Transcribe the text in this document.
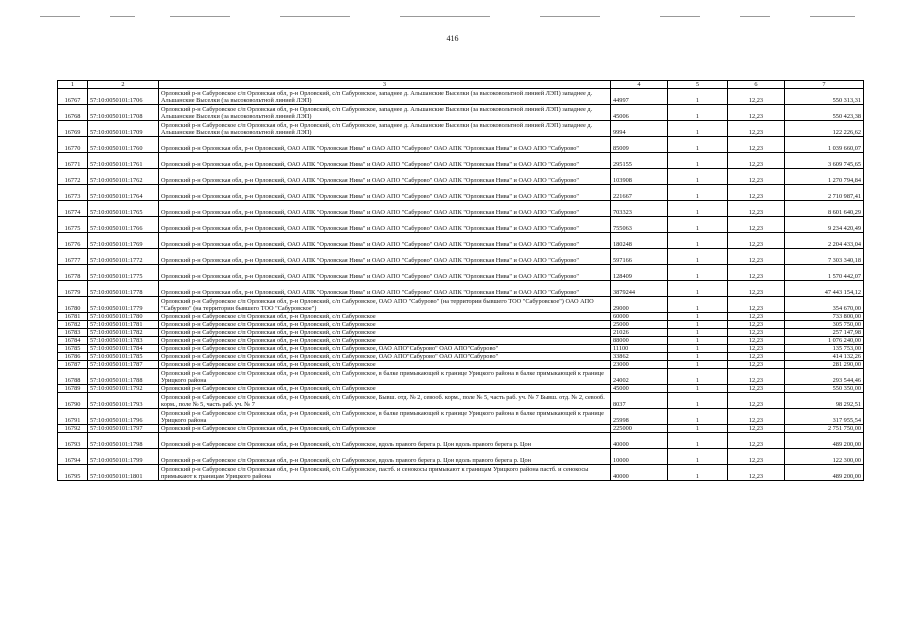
416
1	2	3	4	5	6	7
16767	57:10:0050101:1706	Орловский р-н Сабуровское с/п Орловская обл, р-н Орловский, с/п Сабуровское, западнее д. Альшанские Выселки (за высоковольтной линией ЛЭП) западнее д. Альшанские Выселки (за высоковольтной линией ЛЭП)	44997	1	12,23	550 313,31
16768	57:10:0050101:1708	Орловский р-н Сабуровское с/п Орловская обл, р-н Орловский, с/п Сабуровское, западнее д. Альшанские Выселки (за высоковольтной линией ЛЭП) западнее д. Альшанские Выселки (за высоковольтной линией ЛЭП)	45006	1	12,23	550 423,38
16769	57:10:0050101:1709	Орловский р-н Сабуровское с/п Орловская обл, р-н Орловский, с/п Сабуровское, западнее д. Альшанские Выселки (за высоковольтной линией ЛЭП) западнее д. Альшанские Выселки (за высоковольтной линией ЛЭП)	9994	1	12,23	122 226,62
16770	57:10:0050101:1760	Орловский р-н Орловская обл, р-н Орловский, ОАО АПК "Орловская Нива" и ОАО АПО "Сабурово" ОАО АПК "Орловская Нива" и ОАО АПО "Сабурово"	85009	1	12,23	1 039 660,07
16771	57:10:0050101:1761	Орловский р-н Орловская обл, р-н Орловский, ОАО АПК "Орловская Нива" и ОАО АПО "Сабурово" ОАО АПК "Орловская Нива" и ОАО АПО "Сабурово"	295155	1	12,23	3 609 745,65
16772	57:10:0050101:1762	Орловский р-н Орловская обл, р-н Орловский, ОАО АПК "Орловская Нива" и ОАО АПО "Сабурово" ОАО АПК "Орловская Нива" и ОАО АПО "Сабурово"	103908	1	12,23	1 270 794,84
16773	57:10:0050101:1764	Орловский р-н Орловская обл, р-н Орловский, ОАО АПК "Орловская Нива" и ОАО АПО "Сабурово" ОАО АПК "Орловская Нива" и ОАО АПО "Сабурово"	221667	1	12,23	2 710 987,41
16774	57:10:0050101:1765	Орловский р-н Орловская обл, р-н Орловский, ОАО АПК "Орловская Нива" и ОАО АПО "Сабурово" ОАО АПК "Орловская Нива" и ОАО АПО "Сабурово"	703323	1	12,23	8 601 640,29
16775	57:10:0050101:1766	Орловский р-н Орловская обл, р-н Орловский, ОАО АПК "Орловская Нива" и ОАО АПО "Сабурово" ОАО АПК "Орловская Нива" и ОАО АПО "Сабурово"	755063	1	12,23	9 234 420,49
16776	57:10:0050101:1769	Орловский р-н Орловская обл, р-н Орловский, ОАО АПК "Орловская Нива" и ОАО АПО "Сабурово" ОАО АПК "Орловская Нива" и ОАО АПО "Сабурово"	180248	1	12,23	2 204 433,04
16777	57:10:0050101:1772	Орловский р-н Орловская обл, р-н Орловский, ОАО АПК "Орловская Нива" и ОАО АПО "Сабурово" ОАО АПК "Орловская Нива" и ОАО АПО "Сабурово"	597166	1	12,23	7 303 340,18
16778	57:10:0050101:1775	Орловский р-н Орловская обл, р-н Орловский, ОАО АПК "Орловская Нива" и ОАО АПО "Сабурово" ОАО АПК "Орловская Нива" и ОАО АПО "Сабурово"	128409	1	12,23	1 570 442,07
16779	57:10:0050101:1778	Орловский р-н Орловская обл, р-н Орловский, ОАО АПК "Орловская Нива" и ОАО АПО "Сабурово" ОАО АПК "Орловская Нива" и ОАО АПО "Сабурово"	3879244	1	12,23	47 443 154,12
16780	57:10:0050101:1779	Орловский р-н Сабуровское с/п Орловская обл, р-н Орловский, с/п Сабуровское, ОАО АПО "Сабурово" (на территории бывшего ТОО "Сабуровское") ОАО АПО "Сабурово" (на территории бывшего ТОО "Сабуровское")	29000	1	12,23	354 670,00
16781	57:10:0050101:1780	Орловский р-н Сабуровское с/п Орловская обл, р-н Орловский, с/п Сабуровское	60000	1	12,23	733 800,00
16782	57:10:0050101:1781	Орловский р-н Сабуровское с/п Орловская обл, р-н Орловский, с/п Сабуровское	25000	1	12,23	305 750,00
16783	57:10:0050101:1782	Орловский р-н Сабуровское с/п Орловская обл, р-н Орловский, с/п Сабуровское	21026	1	12,23	257 147,98
16784	57:10:0050101:1783	Орловский р-н Сабуровское с/п Орловская обл, р-н Орловский, с/п Сабуровское	88000	1	12,23	1 076 240,00
16785	57:10:0050101:1784	Орловский р-н Сабуровское с/п Орловская обл, р-н Орловский, с/п Сабуровское, ОАО АПО"Сабурово" ОАО АПО"Сабурово"	11100	1	12,23	135 753,00
16786	57:10:0050101:1785	Орловский р-н Сабуровское с/п Орловская обл, р-н Орловский, с/п Сабуровское, ОАО АПО"Сабурово" ОАО АПО"Сабурово"	33862	1	12,23	414 132,26
16787	57:10:0050101:1787	Орловский р-н Сабуровское с/п Орловская обл, р-н Орловский, с/п Сабуровское	23000	1	12,23	281 290,00
16788	57:10:0050101:1788	Орловский р-н Сабуровское с/п Орловская обл, р-н Орловский, с/п Сабуровское, в балке примыкающей к границе Урицкого района в балке примыкающей к границе Урицкого района	24002	1	12,23	293 544,46
16789	57:10:0050101:1792	Орловский р-н Сабуровское с/п Орловская обл, р-н Орловский, с/п Сабуровское	45000	1	12,23	550 350,00
16790	57:10:0050101:1793	Орловский р-н Сабуровское с/п Орловская обл, р-н Орловский, с/п Сабуровское, Бывш. отд. № 2, севооб. корм., поле № 5, часть раб. уч. № 7 Бывш. отд. № 2, севооб. корм., поле № 5, часть раб. уч. № 7	8037	1	12,23	98 292,51
16791	57:10:0050101:1796	Орловский р-н Сабуровское с/п Орловская обл, р-н Орловский, с/п Сабуровское, в балке примыкающей к границе Урицкого района в балке примыкающей к границе Урицкого района	25998	1	12,23	317 955,54
16792	57:10:0050101:1797	Орловский р-н Сабуровское с/п Орловская обл, р-н Орловский, с/п Сабуровское	225000	1	12,23	2 751 750,00
16793	57:10:0050101:1798	Орловский р-н Сабуровское с/п Орловская обл, р-н Орловский, с/п Сабуровское, вдоль правого берега р. Цон вдоль правого берега р. Цон	40000	1	12,23	489 200,00
16794	57:10:0050101:1799	Орловский р-н Сабуровское с/п Орловская обл, р-н Орловский, с/п Сабуровское, вдоль правого берега р. Цон вдоль правого берега р. Цон	10000	1	12,23	122 300,00
16795	57:10:0050101:1801	Орловский р-н Сабуровское с/п Орловская обл, р-н Орловский, с/п Сабуровское, пастб. и сенокосы примыкают к границам Урицкого района пастб. и сенокосы примыкают к границам Урицкого района	40000	1	12,23	489 200,00
